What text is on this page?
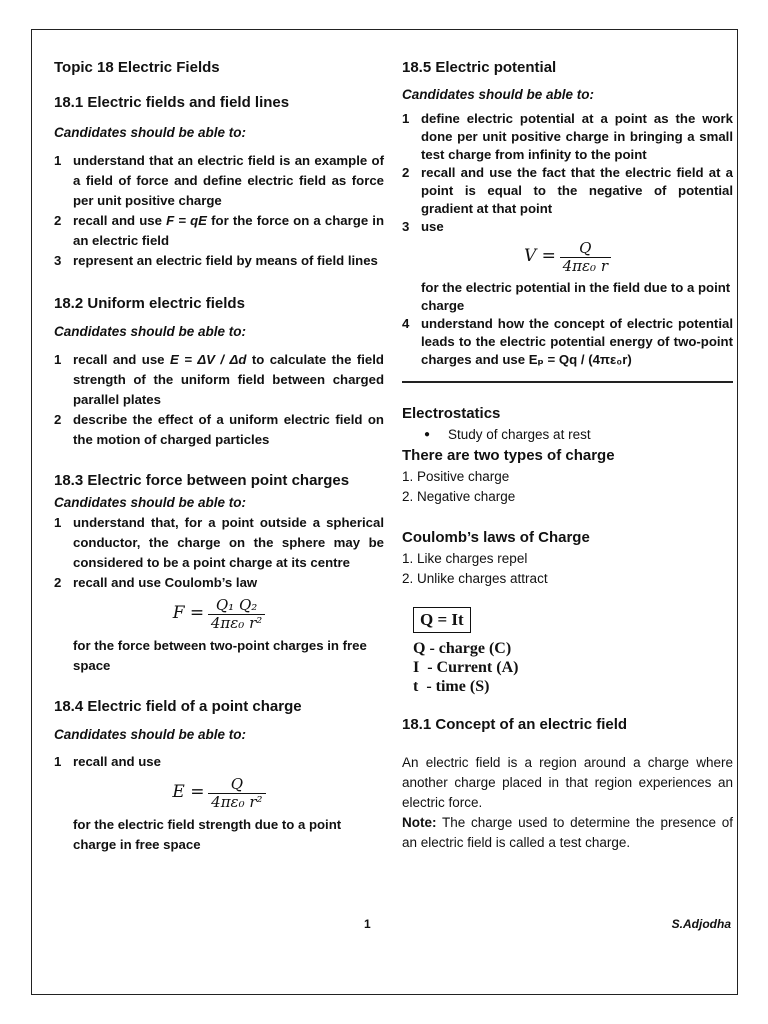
Topic 18 Electric Fields
18.1 Electric fields and field lines
Candidates should be able to:
1 understand that an electric field is an example of a field of force and define electric field as force per unit positive charge
2 recall and use F = qE for the force on a charge in an electric field
3 represent an electric field by means of field lines
18.2 Uniform electric fields
Candidates should be able to:
1 recall and use E = ΔV / Δd to calculate the field strength of the uniform field between charged parallel plates
2 describe the effect of a uniform electric field on the motion of charged particles
18.3 Electric force between point charges
Candidates should be able to:
1 understand that, for a point outside a spherical conductor, the charge on the sphere may be considered to be a point charge at its centre
2 recall and use Coulomb’s law
$F = \frac{\text{Q₁ Q₂}}{\text{4πε₀ r²}}$
for the force between two-point charges in free space
18.4 Electric field of a point charge
Candidates should be able to:
1 recall and use
$E = \frac{Q}{\text{4πε₀ r²}}$
for the electric field strength due to a point charge in free space
18.5 Electric potential
Candidates should be able to:
1 define electric potential at a point as the work done per unit positive charge in bringing a small test charge from infinity to the point
2 recall and use the fact that the electric field at a point is equal to the negative of potential gradient at that point
3 use
$V = \frac{Q}{\text{4πε₀ r}}$
for the electric potential in the field due to a point charge
4 understand how the concept of electric potential leads to the electric potential energy of two-point charges and use Eₚ = Qq / (4πε₀r)
Electrostatics
● Study of charges at rest
There are two types of charge
1. Positive charge
2. Negative charge
Coulomb’s laws of Charge
1. Like charges repel
2. Unlike charges attract
Q = It
Q - charge (C)
I  - Current (A)
t  - time (S)
18.1 Concept of an electric field
An electric field is a region around a charge where another charge placed in that region experiences an electric force.
Note: The charge used to determine the presence of an electric field is called a test charge.
1	S.Adjodha
